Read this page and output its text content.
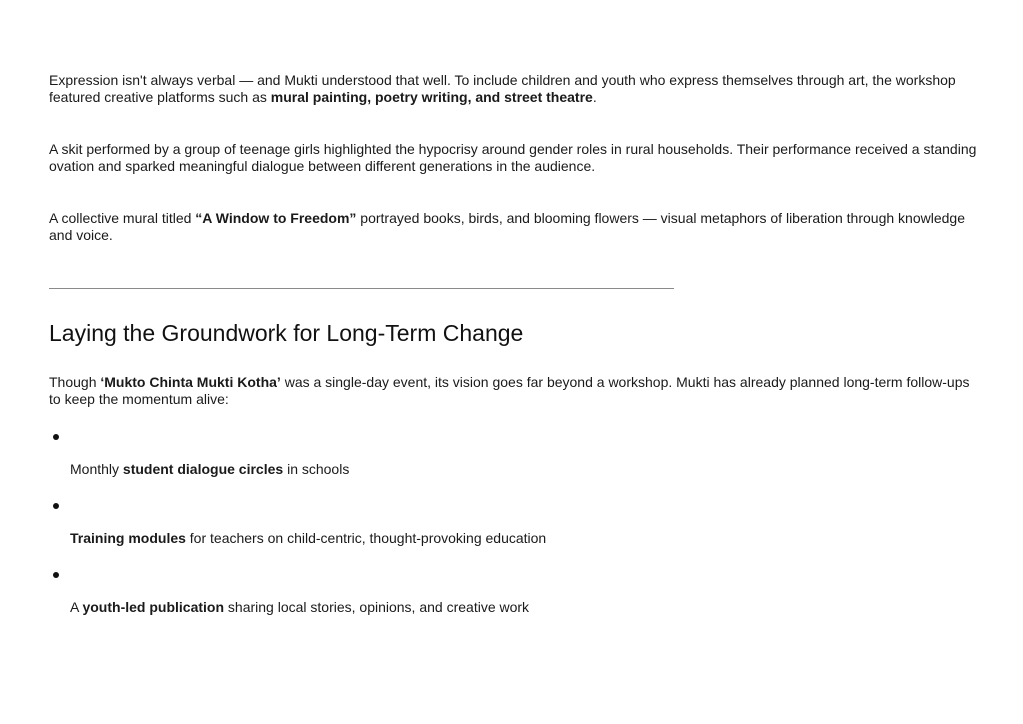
Expression isn't always verbal — and Mukti understood that well. To include children and youth who express themselves through art, the workshop featured creative platforms such as mural painting, poetry writing, and street theatre.

A skit performed by a group of teenage girls highlighted the hypocrisy around gender roles in rural households. Their performance received a standing ovation and sparked meaningful dialogue between different generations in the audience.

A collective mural titled “A Window to Freedom” portrayed books, birds, and blooming flowers — visual metaphors of liberation through knowledge and voice.

Laying the Groundwork for Long-Term Change

Though ‘Mukto Chinta Mukti Kotha’ was a single-day event, its vision goes far beyond a workshop. Mukti has already planned long-term follow-ups to keep the momentum alive:

Monthly student dialogue circles in schools
Training modules for teachers on child-centric, thought-provoking education
A youth-led publication sharing local stories, opinions, and creative work
